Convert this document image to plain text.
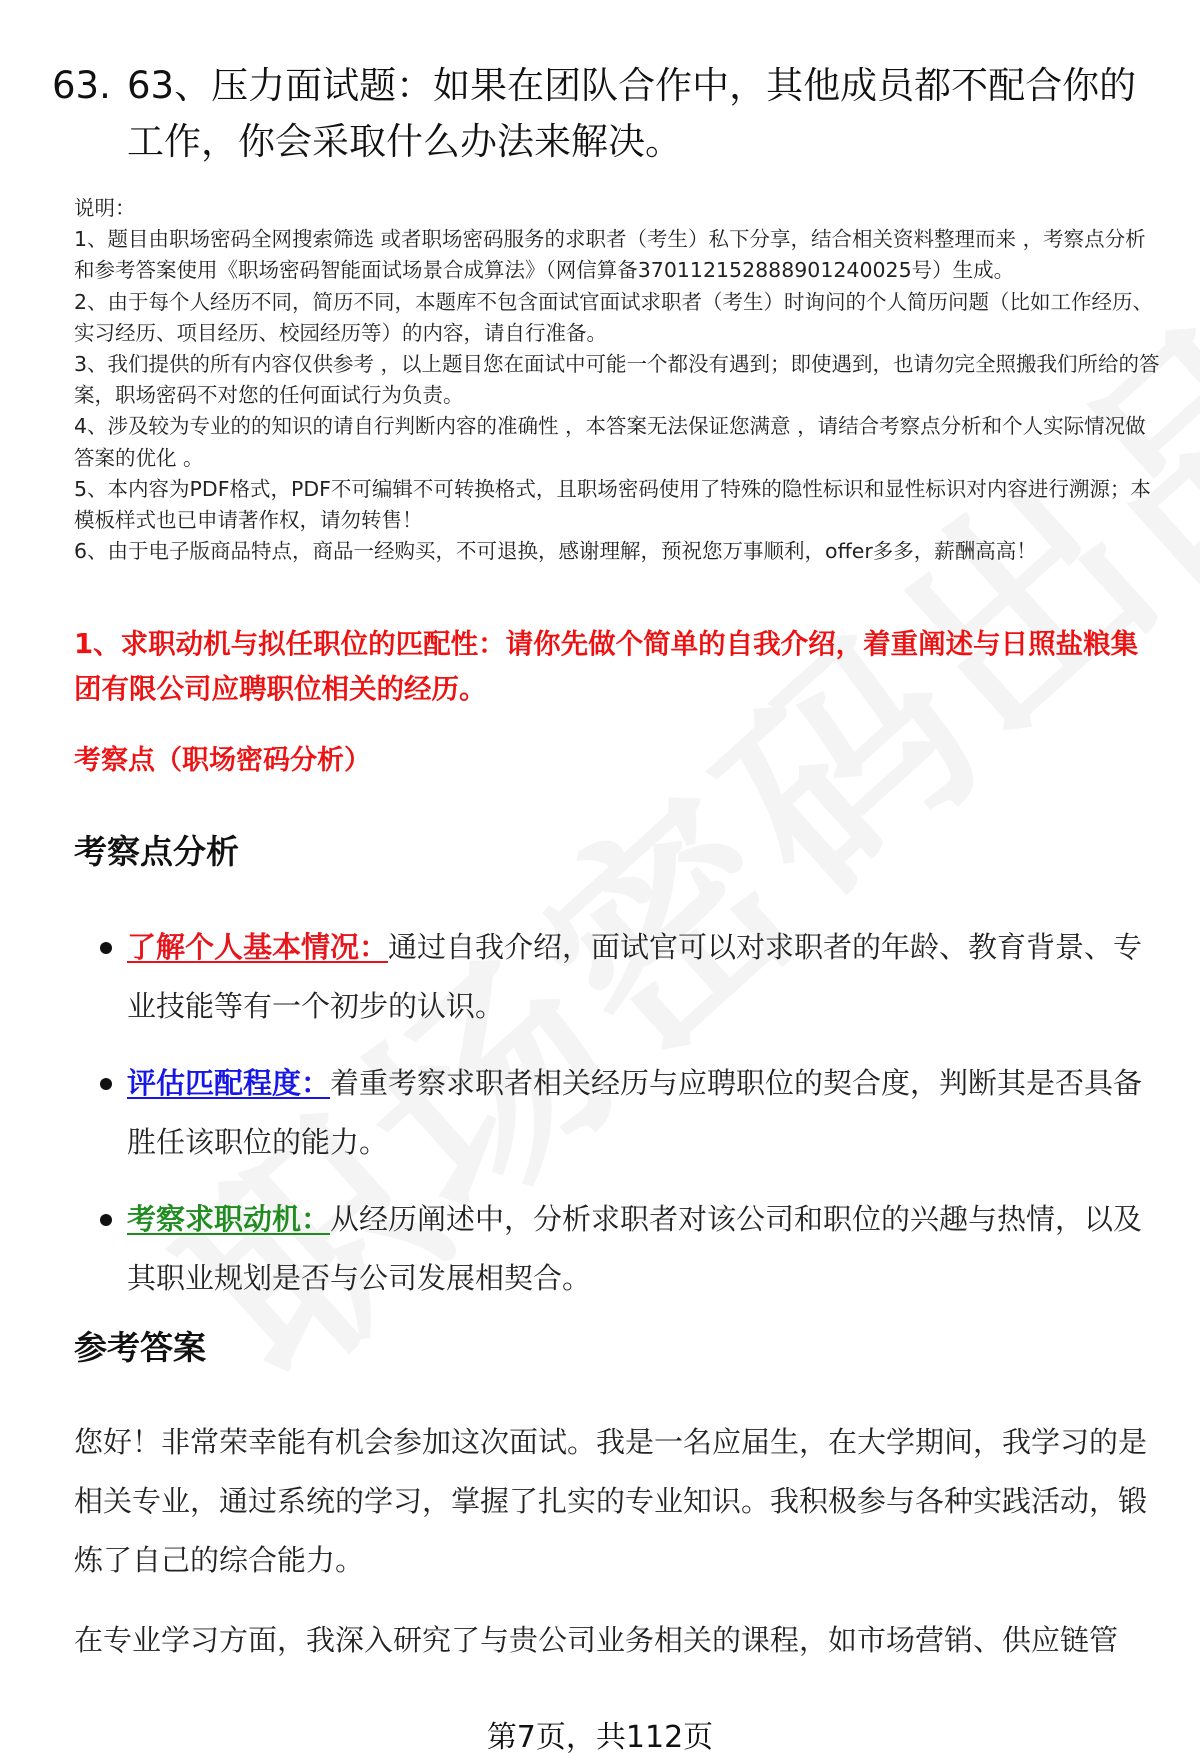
63. 63、压力面试题：如果在团队合作中，其他成员都不配合你的工作，你会采取什么办法来解决。

说明：

1、题目由职场密码全网搜索筛选 或者职场密码服务的求职者（考生）私下分享，结合相关资料整理而来 ，考察点分析和参考答案使用《职场密码智能面试场景合成算法》（网信算备370112152888901240025号）生成。

2、由于每个人经历不同，简历不同，本题库不包含面试官面试求职者（考生）时询问的个人简历问题（比如工作经历、实习经历、项目经历、校园经历等）的内容，请自行准备。

3、我们提供的所有内容仅供参考 ，以上题目您在面试中可能一个都没有遇到；即使遇到，也请勿完全照搬我们所给的答案，职场密码不对您的任何面试行为负责。

4、涉及较为专业的的知识的请自行判断内容的准确性 ，本答案无法保证您满意 ，请结合考察点分析和个人实际情况做答案的优化 。

5、本内容为PDF格式，PDF不可编辑不可转换格式，且职场密码使用了特殊的隐性标识和显性标识对内容进行溯源；本模板样式也已申请著作权，请勿转售！

6、由于电子版商品特点，商品一经购买，不可退换，感谢理解，预祝您万事顺利，offer多多，薪酬高高！

1、求职动机与拟任职位的匹配性：请你先做个简单的自我介绍，着重阐述与日照盐粮集团有限公司应聘职位相关的经历。
考察点（职场密码分析）
考察点分析
了解个人基本情况：通过自我介绍，面试官可以对求职者的年龄、教育背景、专业技能等有一个初步的认识。
评估匹配程度：着重考察求职者相关经历与应聘职位的契合度，判断其是否具备胜任该职位的能力。
考察求职动机：从经历阐述中，分析求职者对该公司和职位的兴趣与热情，以及其职业规划是否与公司发展相契合。
参考答案

您好！非常荣幸能有机会参加这次面试。我是一名应届生，在大学期间，我学习的是相关专业，通过系统的学习，掌握了扎实的专业知识。我积极参与各种实践活动，锻炼了自己的综合能力。

在专业学习方面，我深入研究了与贵公司业务相关的课程，如市场营销、供应链管

第7页，共112页
